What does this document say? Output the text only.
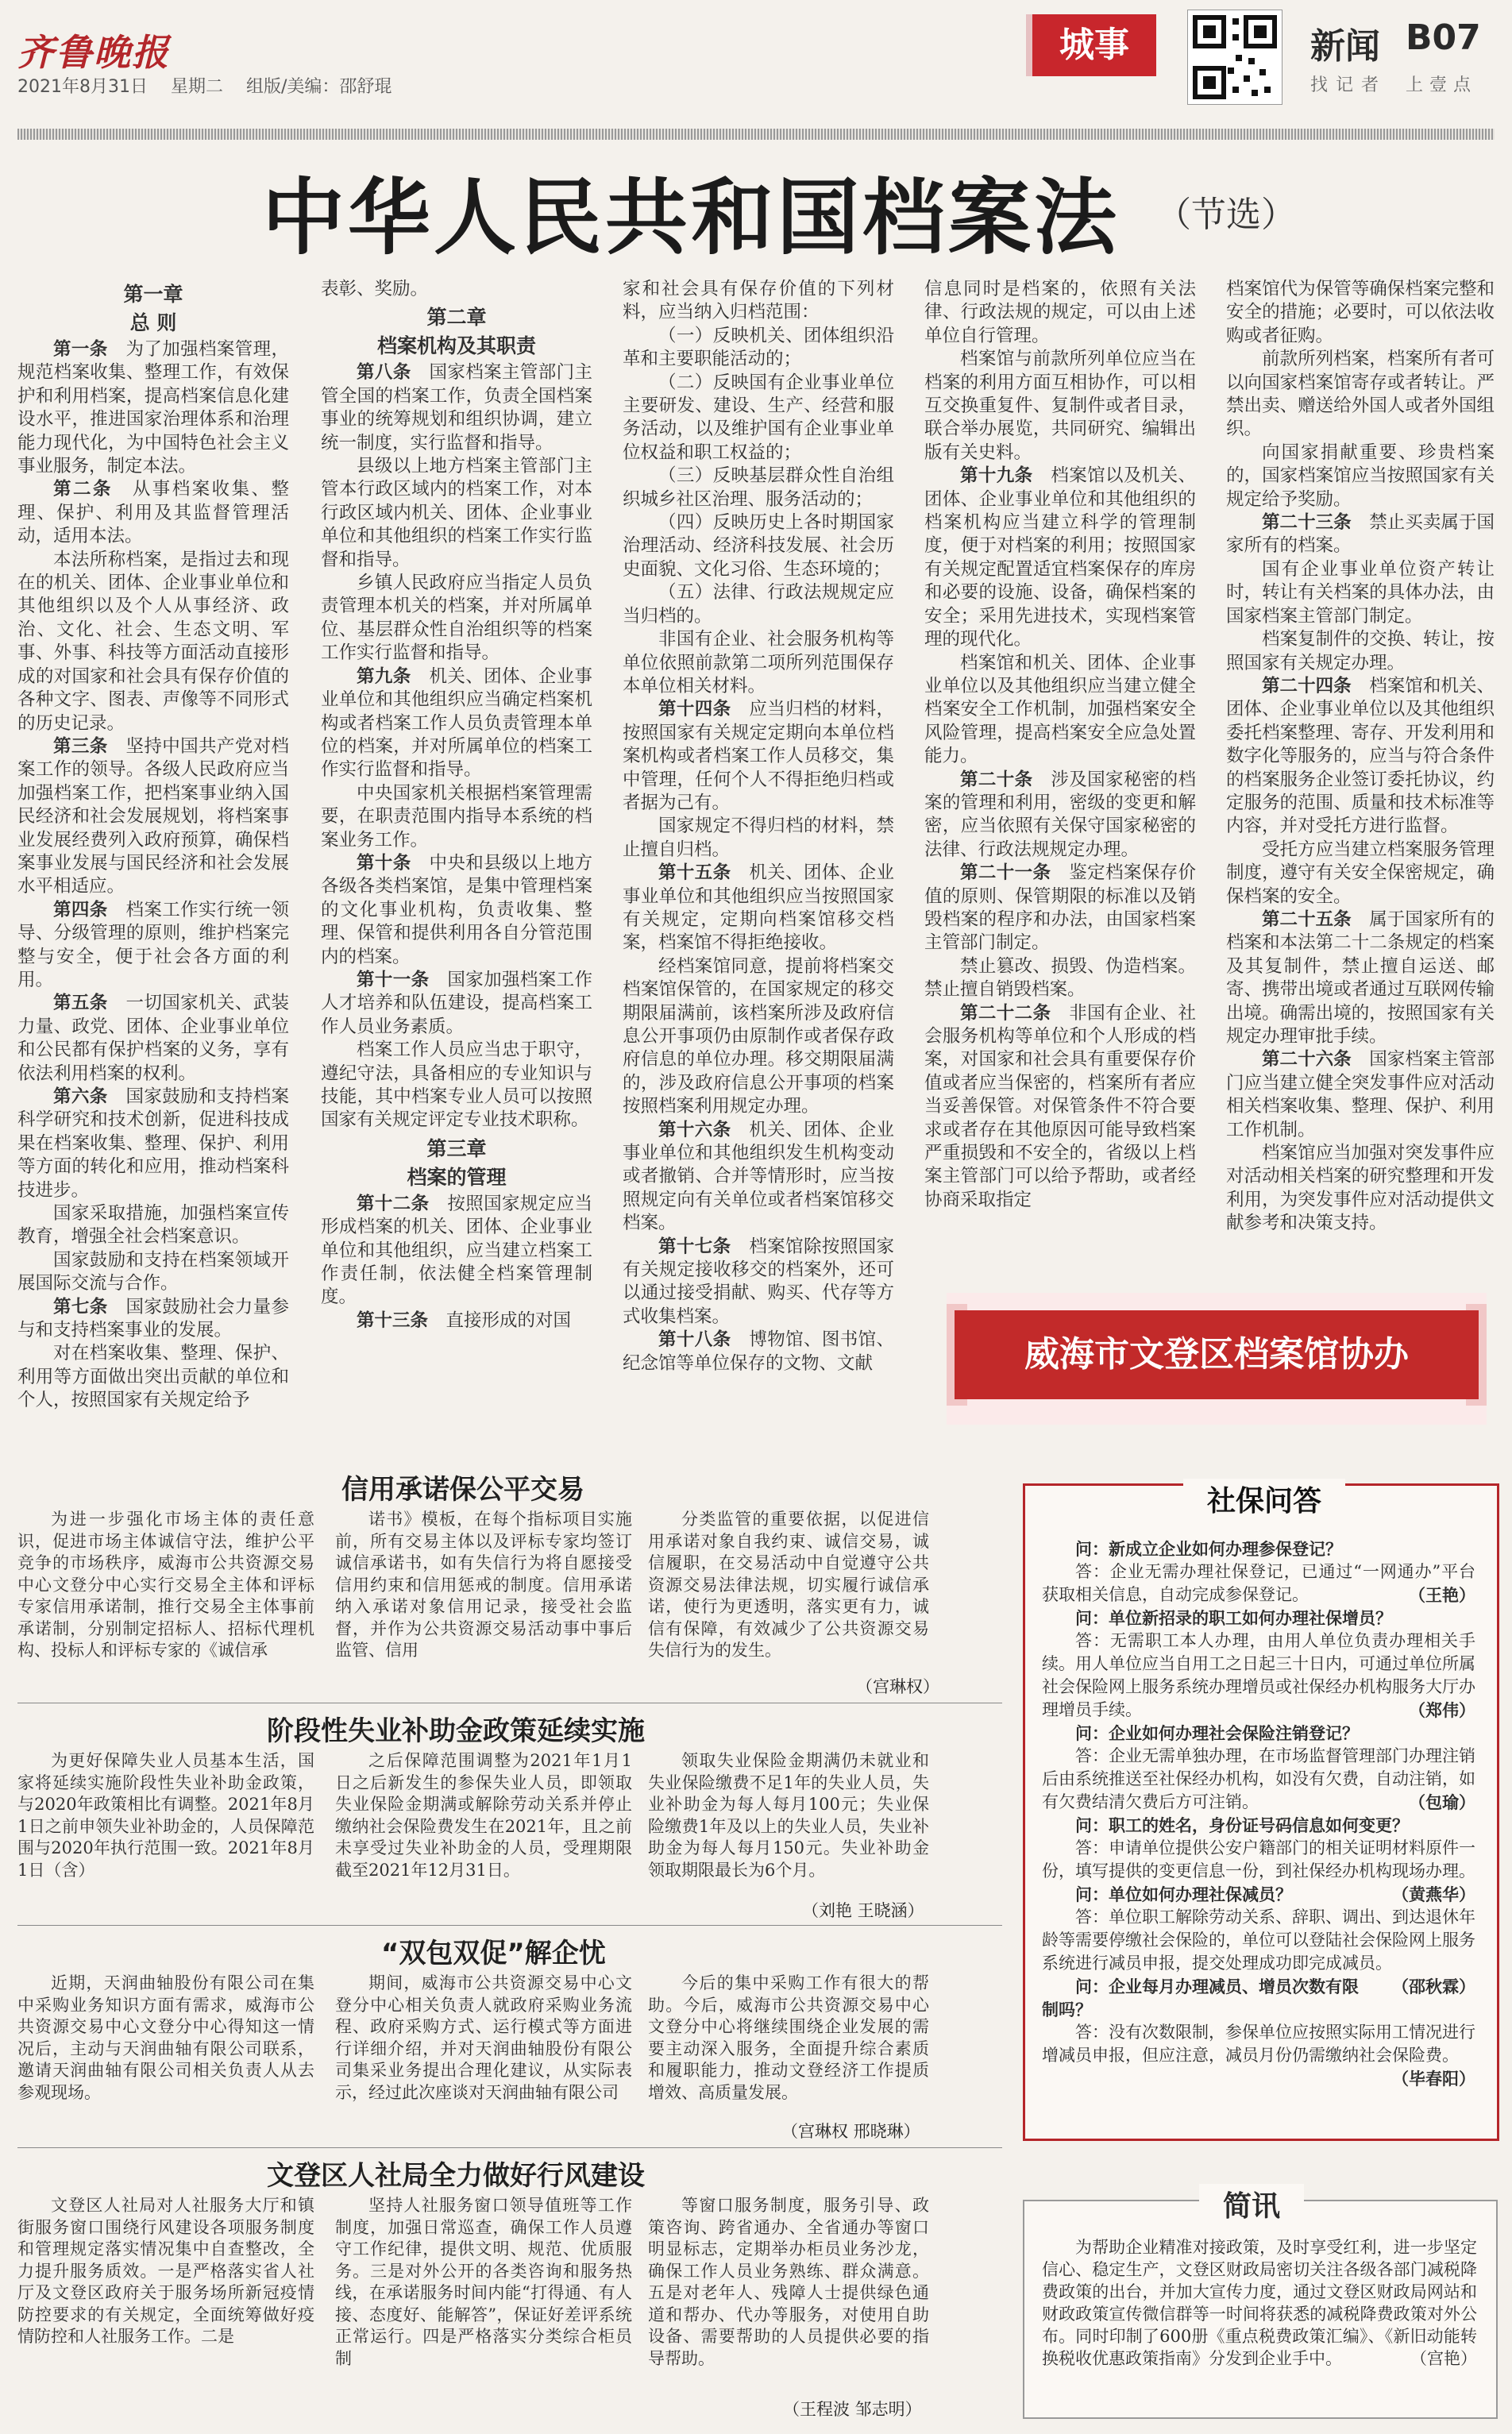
齐鲁晚报
2021年8月31日 星期二 组版/美编：邵舒琨
城事	新闻 B07
找记者 上壹点
中华人民共和国档案法 （节选）
第一章
总 则

第一条　 为了加强档案管理，规范档案收集、整理工作，有效保护和利用档案，提高档案信息化建设水平，推进国家治理体系和治理能力现代化，为中国特色社会主义事业服务，制定本法。

第二条　 从事档案收集、整理、保护、利用及其监督管理活动，适用本法。

本法所称档案，是指过去和现在的机关、团体、企业事业单位和其他组织以及个人从事经济、政治、文化、社会、生态文明、军事、外事、科技等方面活动直接形成的对国家和社会具有保存价值的各种文字、图表、声像等不同形式的历史记录。

第三条　 坚持中国共产党对档案工作的领导。各级人民政府应当加强档案工作，把档案事业纳入国民经济和社会发展规划，将档案事业发展经费列入政府预算，确保档案事业发展与国民经济和社会发展水平相适应。

第四条　 档案工作实行统一领导、分级管理的原则，维护档案完整与安全，便于社会各方面的利用。

第五条　 一切国家机关、武装力量、政党、团体、企业事业单位和公民都有保护档案的义务，享有依法利用档案的权利。

第六条　 国家鼓励和支持档案科学研究和技术创新，促进科技成果在档案收集、整理、保护、利用等方面的转化和应用，推动档案科技进步。

国家采取措施，加强档案宣传教育，增强全社会档案意识。

国家鼓励和支持在档案领域开展国际交流与合作。

第七条　 国家鼓励社会力量参与和支持档案事业的发展。

对在档案收集、整理、保护、利用等方面做出突出贡献的单位和个人，按照国家有关规定给予

表彰、奖励。

第二章
档案机构及其职责

第八条　 国家档案主管部门主管全国的档案工作，负责全国档案事业的统筹规划和组织协调，建立统一制度，实行监督和指导。

县级以上地方档案主管部门主管本行政区域内的档案工作，对本行政区域内机关、团体、企业事业单位和其他组织的档案工作实行监督和指导。

乡镇人民政府应当指定人员负责管理本机关的档案，并对所属单位、基层群众性自治组织等的档案工作实行监督和指导。

第九条　 机关、团体、企业事业单位和其他组织应当确定档案机构或者档案工作人员负责管理本单位的档案，并对所属单位的档案工作实行监督和指导。

中央国家机关根据档案管理需要，在职责范围内指导本系统的档案业务工作。

第十条　 中央和县级以上地方各级各类档案馆，是集中管理档案的文化事业机构，负责收集、整理、保管和提供利用各自分管范围内的档案。

第十一条　 国家加强档案工作人才培养和队伍建设，提高档案工作人员业务素质。

档案工作人员应当忠于职守，遵纪守法，具备相应的专业知识与技能，其中档案专业人员可以按照国家有关规定评定专业技术职称。

第三章
档案的管理

第十二条　 按照国家规定应当形成档案的机关、团体、企业事业单位和其他组织，应当建立档案工作责任制，依法健全档案管理制度。

第十三条　 直接形成的对国

家和社会具有保存价值的下列材料，应当纳入归档范围：

（一）反映机关、团体组织沿革和主要职能活动的；

（二）反映国有企业事业单位主要研发、建设、生产、经营和服务活动，以及维护国有企业事业单位权益和职工权益的；

（三）反映基层群众性自治组织城乡社区治理、服务活动的；

（四）反映历史上各时期国家治理活动、经济科技发展、社会历史面貌、文化习俗、生态环境的；

（五）法律、行政法规规定应当归档的。

非国有企业、社会服务机构等单位依照前款第二项所列范围保存本单位相关材料。

第十四条　 应当归档的材料，按照国家有关规定定期向本单位档案机构或者档案工作人员移交，集中管理，任何个人不得拒绝归档或者据为己有。

国家规定不得归档的材料，禁止擅自归档。

第十五条　 机关、团体、企业事业单位和其他组织应当按照国家有关规定，定期向档案馆移交档案，档案馆不得拒绝接收。

经档案馆同意，提前将档案交档案馆保管的，在国家规定的移交期限届满前，该档案所涉及政府信息公开事项仍由原制作或者保存政府信息的单位办理。移交期限届满的，涉及政府信息公开事项的档案按照档案利用规定办理。

第十六条　 机关、团体、企业事业单位和其他组织发生机构变动或者撤销、合并等情形时，应当按照规定向有关单位或者档案馆移交档案。

第十七条　 档案馆除按照国家有关规定接收移交的档案外，还可以通过接受捐献、购买、代存等方式收集档案。

第十八条　 博物馆、图书馆、纪念馆等单位保存的文物、文献

信息同时是档案的，依照有关法律、行政法规的规定，可以由上述单位自行管理。

档案馆与前款所列单位应当在档案的利用方面互相协作，可以相互交换重复件、复制件或者目录，联合举办展览，共同研究、编辑出版有关史料。

第十九条　 档案馆以及机关、团体、企业事业单位和其他组织的档案机构应当建立科学的管理制度，便于对档案的利用；按照国家有关规定配置适宜档案保存的库房和必要的设施、设备，确保档案的安全；采用先进技术，实现档案管理的现代化。

档案馆和机关、团体、企业事业单位以及其他组织应当建立健全档案安全工作机制，加强档案安全风险管理，提高档案安全应急处置能力。

第二十条　 涉及国家秘密的档案的管理和利用，密级的变更和解密，应当依照有关保守国家秘密的法律、行政法规规定办理。

第二十一条　 鉴定档案保存价值的原则、保管期限的标准以及销毁档案的程序和办法，由国家档案主管部门制定。

禁止篡改、损毁、伪造档案。禁止擅自销毁档案。

第二十二条　 非国有企业、社会服务机构等单位和个人形成的档案，对国家和社会具有重要保存价值或者应当保密的，档案所有者应当妥善保管。对保管条件不符合要求或者存在其他原因可能导致档案严重损毁和不安全的，省级以上档案主管部门可以给予帮助，或者经协商采取指定

档案馆代为保管等确保档案完整和安全的措施；必要时，可以依法收购或者征购。

前款所列档案，档案所有者可以向国家档案馆寄存或者转让。严禁出卖、赠送给外国人或者外国组织。

向国家捐献重要、珍贵档案的，国家档案馆应当按照国家有关规定给予奖励。

第二十三条　 禁止买卖属于国家所有的档案。

国有企业事业单位资产转让时，转让有关档案的具体办法，由国家档案主管部门制定。

档案复制件的交换、转让，按照国家有关规定办理。

第二十四条　 档案馆和机关、团体、企业事业单位以及其他组织委托档案整理、寄存、开发利用和数字化等服务的，应当与符合条件的档案服务企业签订委托协议，约定服务的范围、质量和技术标准等内容，并对受托方进行监督。

受托方应当建立档案服务管理制度，遵守有关安全保密规定，确保档案的安全。

第二十五条　 属于国家所有的档案和本法第二十二条规定的档案及其复制件，禁止擅自运送、邮寄、携带出境或者通过互联网传输出境。确需出境的，按照国家有关规定办理审批手续。

第二十六条　 国家档案主管部门应当建立健全突发事件应对活动相关档案收集、整理、保护、利用工作机制。

档案馆应当加强对突发事件应对活动相关档案的研究整理和开发利用，为突发事件应对活动提供文献参考和决策支持。

威海市文登区档案馆协办
信用承诺保公平交易

为进一步强化市场主体的责任意识，促进市场主体诚信守法，维护公平竞争的市场秩序，威海市公共资源交易中心文登分中心实行交易全主体和评标专家信用承诺制，推行交易全主体事前承诺制，分别制定招标人、招标代理机构、投标人和评标专家的《诚信承

诺书》模板，在每个指标项目实施前，所有交易主体以及评标专家均签订诚信承诺书，如有失信行为将自愿接受信用约束和信用惩戒的制度。信用承诺纳入承诺对象信用记录，接受社会监督，并作为公共资源交易活动事中事后监管、信用

分类监管的重要依据，以促进信用承诺对象自我约束、诚信交易，诚信履职，在交易活动中自觉遵守公共资源交易法律法规，切实履行诚信承诺，使行为更透明，落实更有力，诚信有保障，有效减少了公共资源交易失信行为的发生。

（宫琳权）
阶段性失业补助金政策延续实施

为更好保障失业人员基本生活，国家将延续实施阶段性失业补助金政策，与2020年政策相比有调整。2021年8月1日之前申领失业补助金的，人员保障范围与2020年执行范围一致。2021年8月1日（含）

之后保障范围调整为2021年1月1日之后新发生的参保失业人员，即领取失业保险金期满或解除劳动关系并停止缴纳社会保险费发生在2021年，且之前未享受过失业补助金的人员，受理期限截至2021年12月31日。

领取失业保险金期满仍未就业和失业保险缴费不足1年的失业人员，失业补助金为每人每月100元；失业保险缴费1年及以上的失业人员，失业补助金为每人每月150元。失业补助金领取期限最长为6个月。

（刘艳 王晓涵）
“双包双促”解企忧

近期，天润曲轴股份有限公司在集中采购业务知识方面有需求，威海市公共资源交易中心文登分中心得知这一情况后，主动与天润曲轴有限公司联系，邀请天润曲轴有限公司相关负责人从去参观现场。

期间，威海市公共资源交易中心文登分中心相关负责人就政府采购业务流程、政府采购方式、运行模式等方面进行详细介绍，并对天润曲轴股份有限公司集采业务提出合理化建议，从实际表示，经过此次座谈对天润曲轴有限公司

今后的集中采购工作有很大的帮助。今后，威海市公共资源交易中心文登分中心将继续围绕企业发展的需要主动深入服务，全面提升综合素质和履职能力，推动文登经济工作提质增效、高质量发展。

（宫琳权 邢晓琳）
文登区人社局全力做好行风建设

文登区人社局对人社服务大厅和镇街服务窗口围绕行风建设各项服务制度和管理规定落实情况集中自查整改，全力提升服务质效。一是严格落实省人社厅及文登区政府关于服务场所新冠疫情防控要求的有关规定，全面统筹做好疫情防控和人社服务工作。二是

坚持人社服务窗口领导值班等工作制度，加强日常巡查，确保工作人员遵守工作纪律，提供文明、规范、优质服务。三是对外公开的各类咨询和服务热线，在承诺服务时间内能“打得通、有人接、态度好、能解答”，保证好差评系统正常运行。四是严格落实分类综合柜员制

等窗口服务制度，服务引导、政策咨询、跨省通办、全省通办等窗口明显标志，定期举办柜员业务沙龙，确保工作人员业务熟练、群众满意。五是对老年人、残障人士提供绿色通道和帮办、代办等服务，对使用自助设备、需要帮助的人员提供必要的指导帮助。

（王程波 邹志明）
社保问答

问：新成立企业如何办理参保登记？

答：企业无需办理社保登记，已通过“一网通办”平台获取相关信息，自动完成参保登记。	（王艳）

问：单位新招录的职工如何办理社保增员？

答：无需职工本人办理，由用人单位负责办理相关手续。用人单位应当自用工之日起三十日内，可通过单位所属社会保险网上服务系统办理增员或社保经办机构服务大厅办理增员手续。	（郑伟）

问：企业如何办理社会保险注销登记？

答：企业无需单独办理，在市场监督管理部门办理注销后由系统推送至社保经办机构，如没有欠费，自动注销，如有欠费结清欠费后方可注销。	（包瑜）

问：职工的姓名，身份证号码信息如何变更？

答：申请单位提供公安户籍部门的相关证明材料原件一份，填写提供的变更信息一份，到社保经办机构现场办理。
（黄燕华）

问：单位如何办理社保减员？

答：单位职工解除劳动关系、辞职、调出、到达退休年龄等需要停缴社会保险的，单位可以登陆社会保险网上服务系统进行减员申报，提交处理成功即完成减员。
（邵秋霖）

问：企业每月办理减员、增员次数有限制吗？

答：没有次数限制，参保单位应按照实际用工情况进行增减员申报，但应注意，减员月份仍需缴纳社会保险费。
（毕春阳）

简讯

为帮助企业精准对接政策，及时享受红利，进一步坚定信心、稳定生产，文登区财政局密切关注各级各部门减税降费政策的出台，并加大宣传力度，通过文登区财政局网站和财政政策宣传微信群等一时间将获悉的减税降费政策对外公布。同时印制了600册《重点税费政策汇编》、《新旧动能转换税收优惠政策指南》分发到企业手中。	（宫艳）
